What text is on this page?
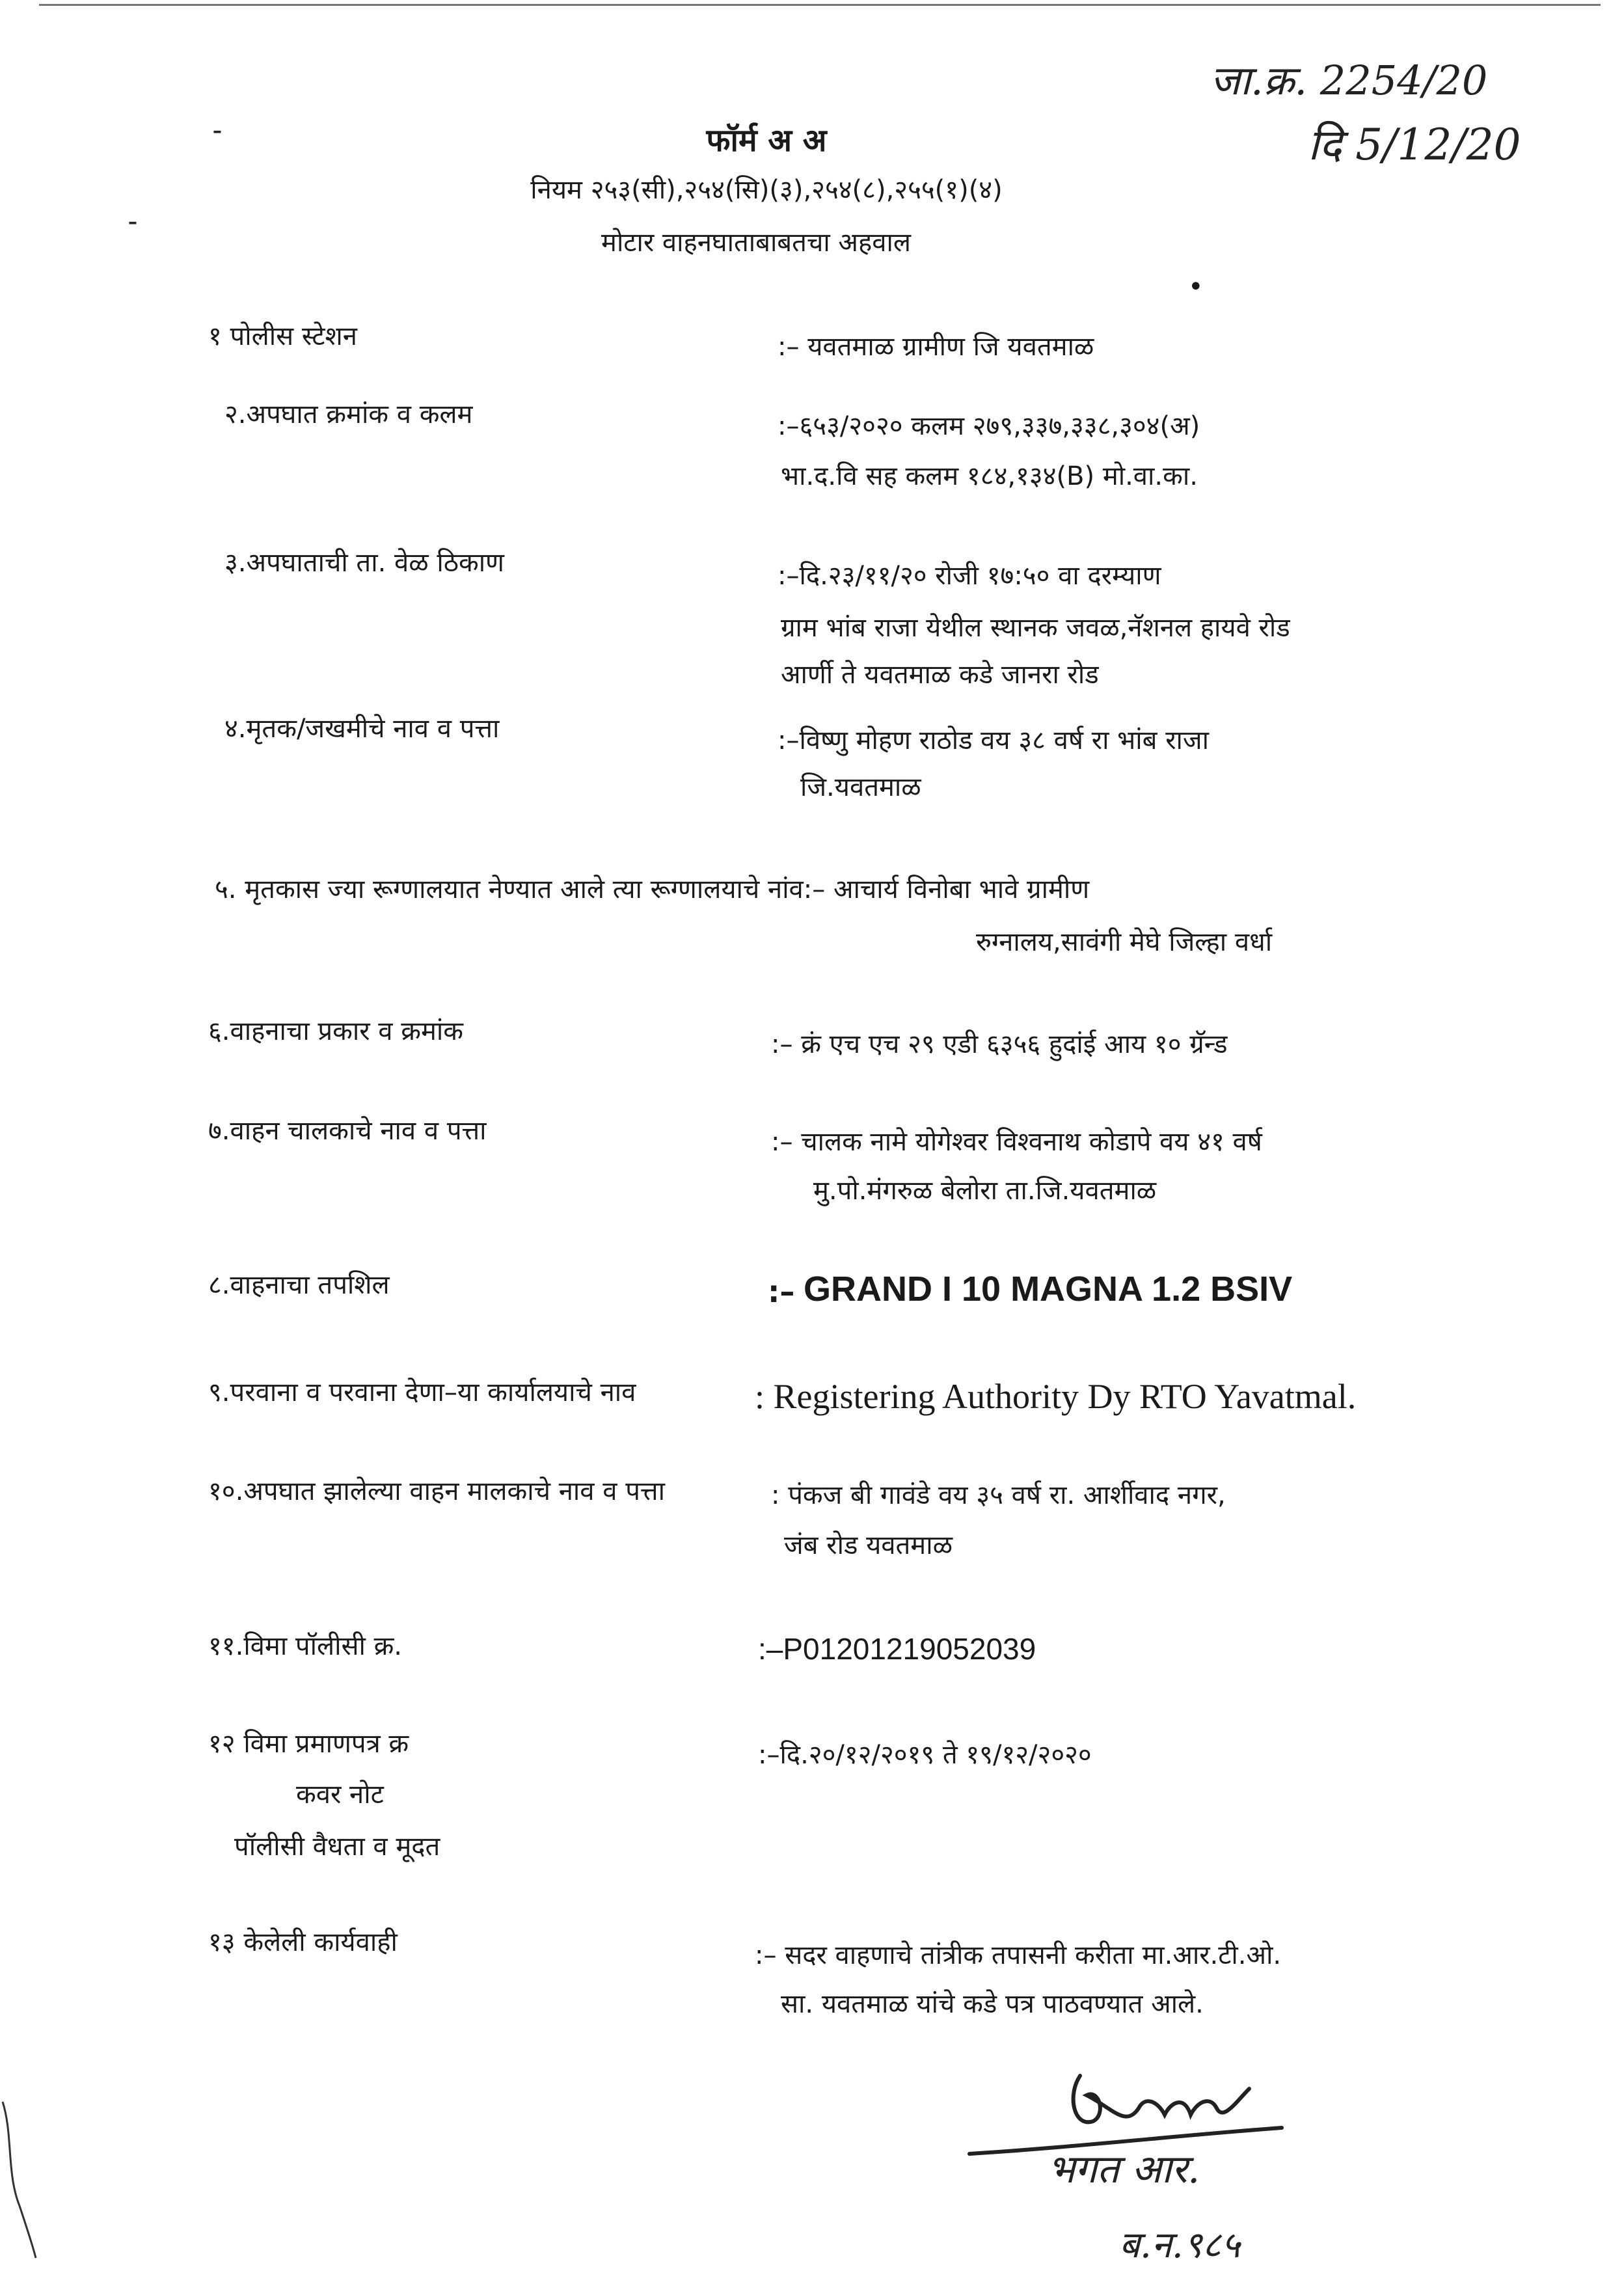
जा.क्र. 2254/20
दि 5/12/20
˗
˗
•
फॉर्म अ अ
नियम २५३(सी),२५४(सि)(३),२५४(८),२५५(१)(४)
मोटार वाहनघाताबाबतचा अहवाल
१ पोलीस स्टेशन	:– यवतमाळ ग्रामीण जि यवतमाळ
२.अपघात क्रमांक व कलम	:–६५३/२०२० कलम २७९,३३७,३३८,३०४(अ)
भा.द.वि सह कलम १८४,१३४(B) मो.वा.का.
३.अपघाताची ता. वेळ ठिकाण	:–दि.२३/११/२० रोजी १७:५० वा दरम्याण
ग्राम भांब राजा येथील स्थानक जवळ,नॅशनल हायवे रोड
आर्णी ते यवतमाळ कडे जानरा रोड
४.मृतक/जखमीचे नाव व पत्ता	:–विष्णु मोहण राठोड वय ३८ वर्ष रा भांब राजा
जि.यवतमाळ
५. मृतकास ज्या रूग्णालयात नेण्यात आले त्या रूग्णालयाचे नांव:– आचार्य विनोबा भावे ग्रामीण
रुग्नालय,सावंगी मेघे जिल्हा वर्धा
६.वाहनाचा प्रकार व क्रमांक	:– क्रं एच एच २९ एडी ६३५६ हुदांई आय १० ग्रॅन्ड
७.वाहन चालकाचे नाव व पत्ता	:– चालक नामे योगेश्वर विश्वनाथ कोडापे वय ४१ वर्ष
मु.पो.मंगरुळ बेलोरा ता.जि.यवतमाळ
८.वाहनाचा तपशिल	:– GRAND I 10 MAGNA 1.2 BSIV
९.परवाना व परवाना देणा–या कार्यालयाचे नाव	: Registering Authority Dy RTO Yavatmal.
१०.अपघात झालेल्या वाहन मालकाचे नाव व पत्ता	: पंकज बी गावंडे वय ३५ वर्ष रा. आर्शीवाद नगर,
जंब रोड यवतमाळ
११.विमा पॉलीसी क्र.	:–P01201219052039
१२ विमा प्रमाणपत्र क्र
कवर नोट
पॉलीसी वैधता व मूदत
:–दि.२०/१२/२०१९ ते १९/१२/२०२०
१३ केलेली कार्यवाही	:– सदर वाहणाचे तांत्रीक तपासनी करीता मा.आर.टी.ओ.
सा. यवतमाळ यांचे कडे पत्र पाठवण्यात आले.
भगत आर.
ब.न.९८५
